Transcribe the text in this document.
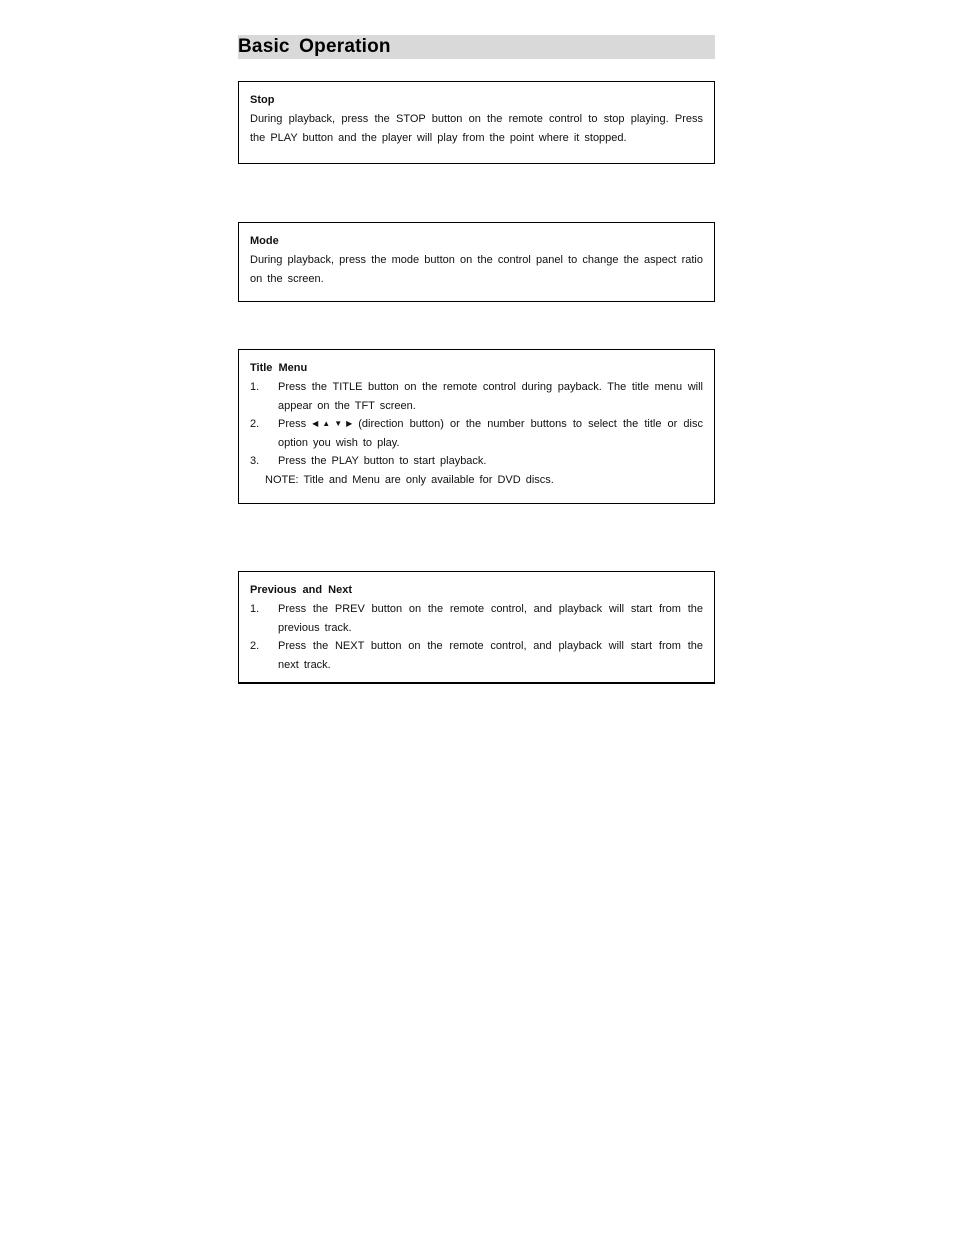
Basic Operation
Stop
During playback, press the STOP button on the remote control to stop playing. Press the PLAY button and the player will play from the point where it stopped.
Mode
During playback, press the mode button on the control panel to change the aspect ratio on the screen.
Title Menu
1. Press the TITLE button on the remote control during payback. The title menu will appear on the TFT screen.
2. Press ◀▲▼▶ (direction button) or the number buttons to select the title or disc option you wish to play.
3. Press the PLAY button to start playback.
NOTE: Title and Menu are only available for DVD discs.
Previous and Next
1. Press the PREV button on the remote control, and playback will start from the previous track.
2. Press the NEXT button on the remote control, and playback will start from the next track.
